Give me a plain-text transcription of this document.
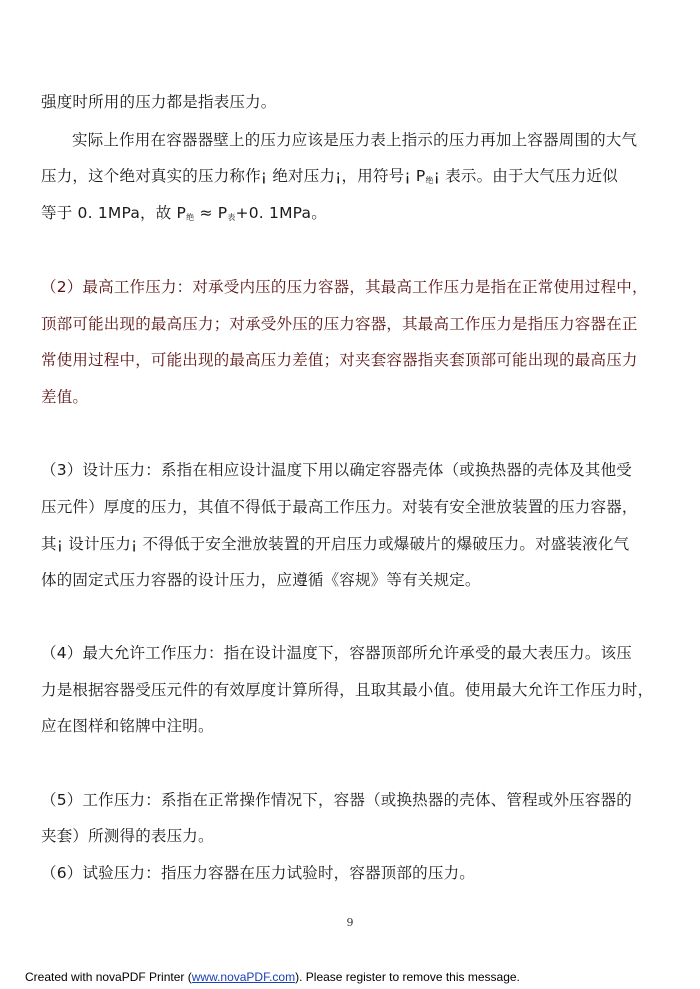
强度时所用的压力都是指表压力。
实际上作用在容器器壁上的压力应该是压力表上指示的压力再加上容器周围的大气
压力，这个绝对真实的压力称作¡ 绝对压力¡，用符号¡ $P_绝¡$ 表示。由于大气压力近似
等于 0. 1MPa，故 $P_绝 \approx P_表+0$. 1MPa。
（2）最高工作压力：对承受内压的压力容器，其最高工作压力是指在正常使用过程中，
顶部可能出现的最高压力；对承受外压的压力容器，其最高工作压力是指压力容器在正
常使用过程中，可能出现的最高压力差值；对夹套容器指夹套顶部可能出现的最高压力
差值。
（3）设计压力：系指在相应设计温度下用以确定容器壳体（或换热器的壳体及其他受
压元件）厚度的压力，其值不得低于最高工作压力。对装有安全泄放装置的压力容器，
其¡ 设计压力¡ 不得低于安全泄放装置的开启压力或爆破片的爆破压力。对盛装液化气
体的固定式压力容器的设计压力，应遵循《容规》等有关规定。
（4）最大允许工作压力：指在设计温度下，容器顶部所允许承受的最大表压力。该压
力是根据容器受压元件的有效厚度计算所得，且取其最小值。使用最大允许工作压力时，
应在图样和铭牌中注明。
（5）工作压力：系指在正常操作情况下，容器（或换热器的壳体、管程或外压容器的
夹套）所测得的表压力。
（6）试验压力：指压力容器在压力试验时，容器顶部的压力。
9
Created with novaPDF Printer (www.novaPDF.com). Please register to remove this message.
